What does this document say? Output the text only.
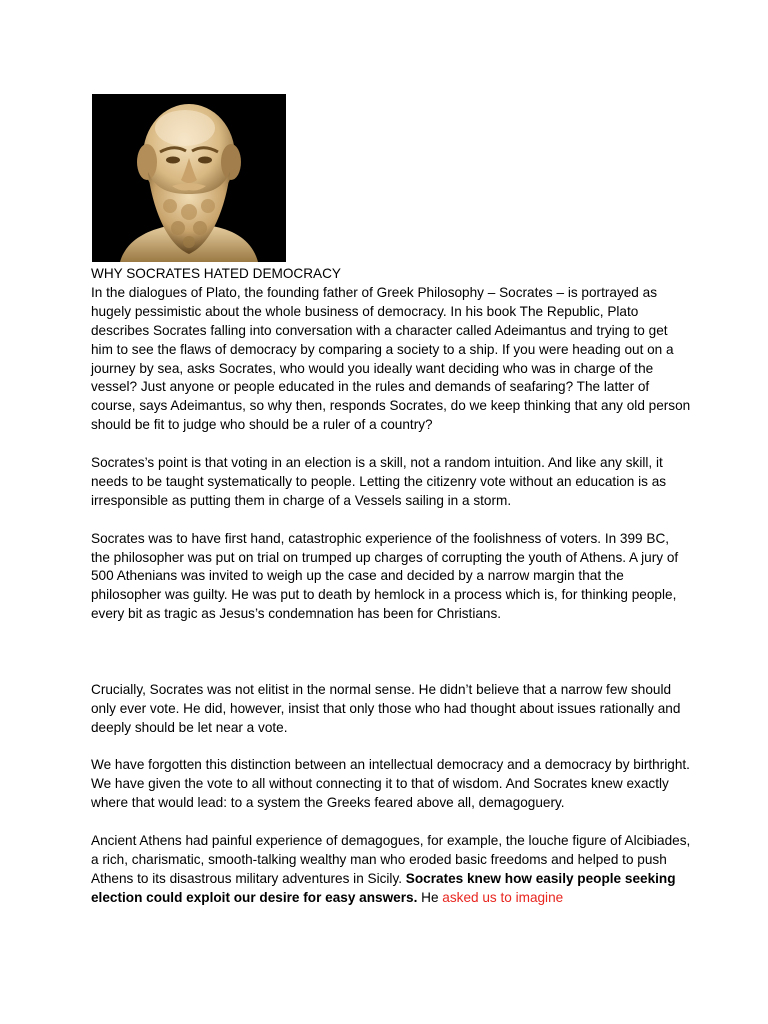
WHY SOCRATES HATED DEMOCRACY

In the dialogues of Plato, the founding father of Greek Philosophy – Socrates – is portrayed as hugely pessimistic about the whole business of democracy. In his book The Republic, Plato describes Socrates falling into conversation with a character called Adeimantus and trying to get him to see the flaws of democracy by comparing a society to a ship. If you were heading out on a journey by sea, asks Socrates, who would you ideally want deciding who was in charge of the vessel? Just anyone or people educated in the rules and demands of seafaring? The latter of course, says Adeimantus, so why then, responds Socrates, do we keep thinking that any old person should be fit to judge who should be a ruler of a country?

Socrates’s point is that voting in an election is a skill, not a random intuition. And like any skill, it needs to be taught systematically to people. Letting the citizenry vote without an education is as irresponsible as putting them in charge of a Vessels sailing in a storm.

Socrates was to have first hand, catastrophic experience of the foolishness of voters. In 399 BC, the philosopher was put on trial on trumped up charges of corrupting the youth of Athens. A jury of 500 Athenians was invited to weigh up the case and decided by a narrow margin that the philosopher was guilty. He was put to death by hemlock in a process which is, for thinking people, every bit as tragic as Jesus’s condemnation has been for Christians.

Crucially, Socrates was not elitist in the normal sense. He didn’t believe that a narrow few should only ever vote. He did, however, insist that only those who had thought about issues rationally and deeply should be let near a vote.

We have forgotten this distinction between an intellectual democracy and a democracy by birthright. We have given the vote to all without connecting it to that of wisdom. And Socrates knew exactly where that would lead: to a system the Greeks feared above all, demagoguery.

Ancient Athens had painful experience of demagogues, for example, the louche figure of Alcibiades, a rich, charismatic, smooth-talking wealthy man who eroded basic freedoms and helped to push Athens to its disastrous military adventures in Sicily. Socrates knew how easily people seeking election could exploit our desire for easy answers. He asked us to imagine
